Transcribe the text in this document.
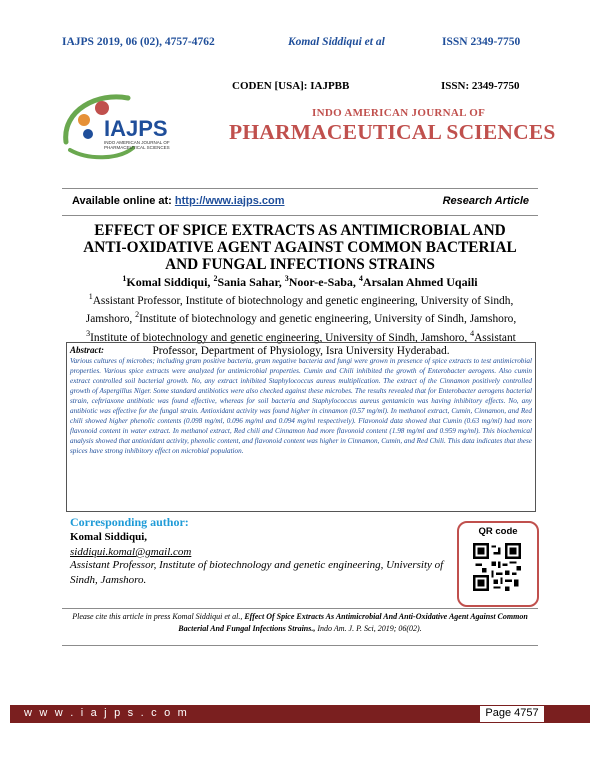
IAJPS 2019, 06 (02), 4757-4762	Komal Siddiqui et al	ISSN 2349-7750
IAJPS
INDO AMERICAN JOURNAL OF
PHARMACEUTICAL SCIENCES
CODEN [USA]: IAJPBB	ISSN: 2349-7750
INDO AMERICAN JOURNAL OF
PHARMACEUTICAL SCIENCES
Available online at: http://www.iajps.com	Research Article
EFFECT OF SPICE EXTRACTS AS ANTIMICROBIAL AND
ANTI-OXIDATIVE AGENT AGAINST COMMON BACTERIAL
AND FUNGAL INFECTIONS STRAINS
$^1$Komal Siddiqui, $^2$Sania Sahar, $^3$Noor-e-Saba, $^4$Arsalan Ahmed Uqaili
$^1$Assistant Professor, Institute of biotechnology and genetic engineering, University of Sindh, Jamshoro, $^2$Institute of biotechnology and genetic engineering, University of Sindh, Jamshoro, $^3$Institute of biotechnology and genetic engineering, University of Sindh, Jamshoro, $^4$Assistant Professor, Department of Physiology, Isra University Hyderabad.
Abstract:
Various cultures of microbes; including gram positive bacteria, gram negative bacteria and fungi were grown in presence of spice extracts to test antimicrobial properties. Various spice extracts were analyzed for antimicrobial properties. Cumin and Chili inhibited the growth of Enterobacter aerogens. Also cumin extract controlled soil bacterial growth. No, any extract inhibited Staphylococcus aureus multiplication. The extract of the Cinnamon positively controlled growth of Aspergillus Niger. Some standard antibiotics were also checked against these microbes. The results revealed that for Enterobacter aerogens bacterial strain, ceftriaxone antibiotic was found effective, whereas for soil bacteria and Staphylococcus aureus gentamicin was having inhibitory effects. No, any antibiotic was effective for the fungal strain. Antioxidant activity was found higher in cinnamon (0.57 mg/ml). In methanol extract, Cumin, Cinnamon, and Red chili showed higher phenolic contents (0.098 mg/ml, 0.096 mg/ml and 0.094 mg/ml respectively). Flavonoid data showed that Cumin (0.63 mg/ml) had more flavonoid content in water extract. In methanol extract, Red chili and Cinnamon had more flavonoid content (1.98 mg/ml and 0.959 mg/ml). This biochemical analysis showed that antioxidant activity, phenolic content, and flavonoid content was higher in Cinnamon, Cumin, and Red Chili. This data indicates that these spices have strong inhibitory effect on microbial population.
Corresponding author:
Komal Siddiqui,
siddiqui.komal@gmail.com
Assistant Professor, Institute of biotechnology and genetic engineering, University of Sindh, Jamshoro.
QR code
Please cite this article in press Komal Siddiqui et al., Effect Of Spice Extracts As Antimicrobial And Anti-Oxidative Agent Against Common Bacterial And Fungal Infections Strains., Indo Am. J. P. Sci, 2019; 06(02).
w w w . i a j p s . c o m	Page 4757
